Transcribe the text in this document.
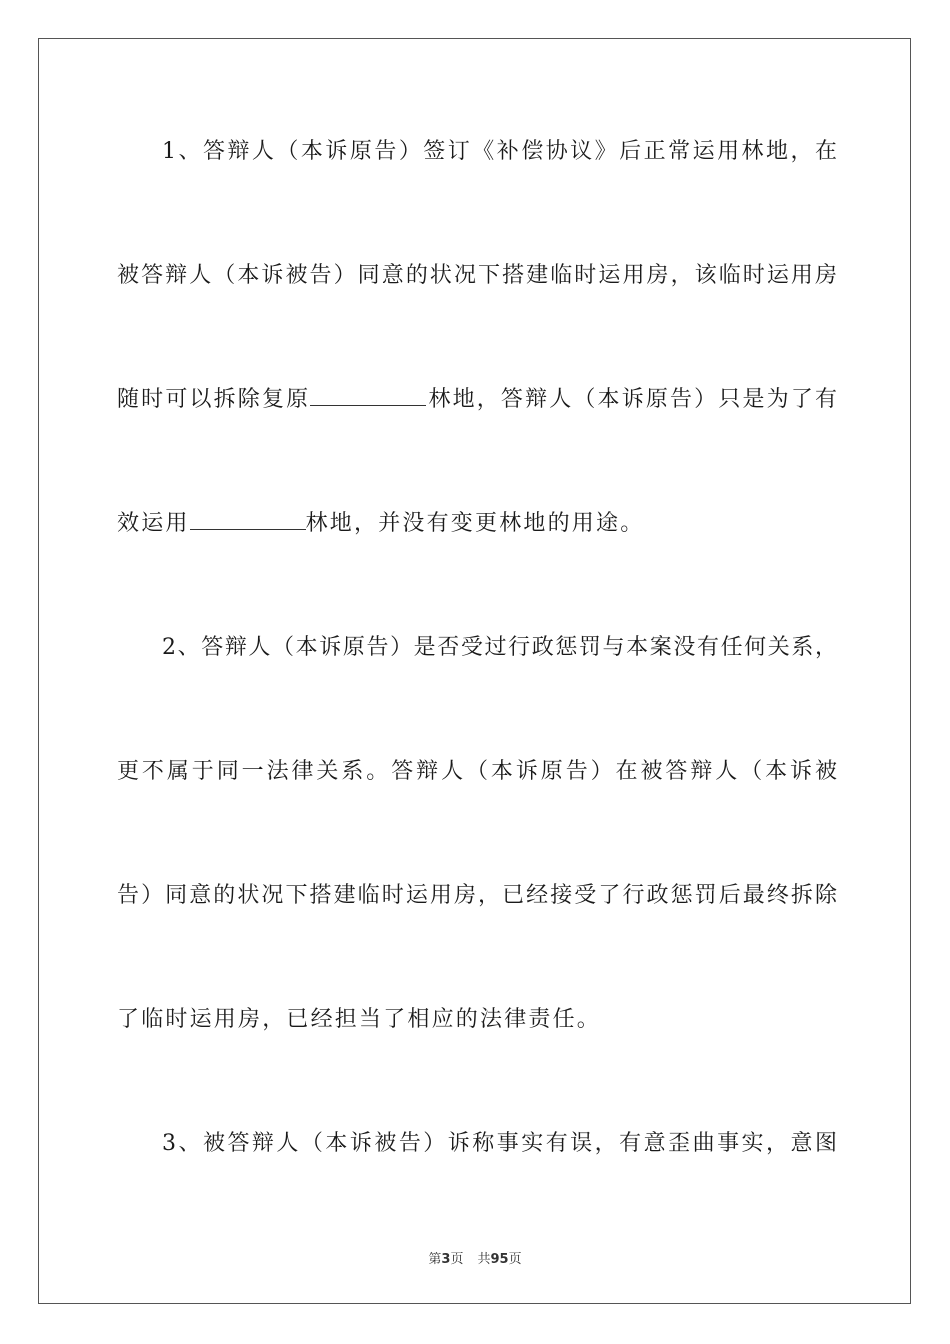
1、答辩人（本诉原告）签订《补偿协议》后正常运用林地，在
被答辩人（本诉被告）同意的状况下搭建临时运用房，该临时运用房
随时可以拆除复原	林地，答辩人（本诉原告）只是为了有
效运用	林地，并没有变更林地的用途。
2、答辩人（本诉原告）是否受过行政惩罚与本案没有任何关系，
更不属于同一法律关系。答辩人（本诉原告）在被答辩人（本诉被
告）同意的状况下搭建临时运用房，已经接受了行政惩罚后最终拆除
了临时运用房，已经担当了相应的法律责任。
3、被答辩人（本诉被告）诉称事实有误，有意歪曲事实，意图
第3页 共95页
